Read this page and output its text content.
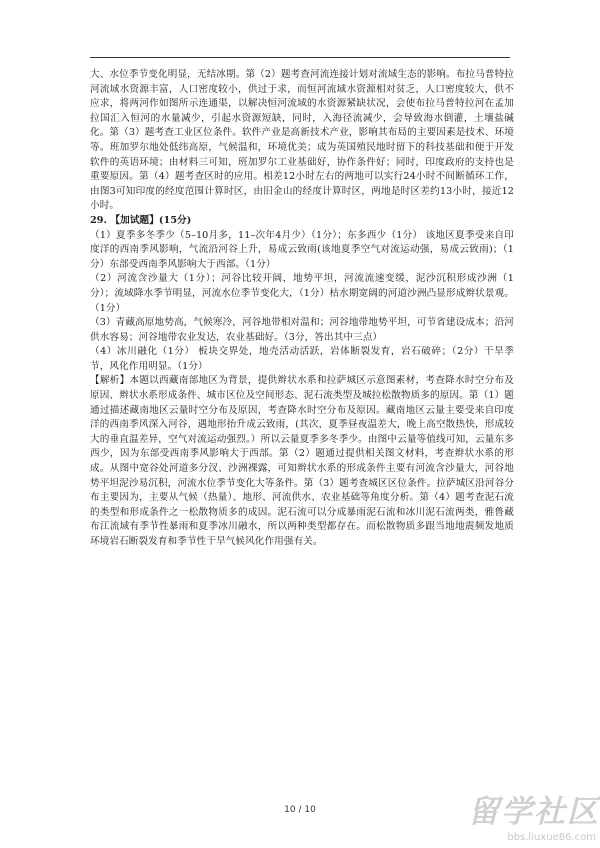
大、水位季节变化明显，无结冰期。第（2）题考查河流连接计划对流域生态的影响。布拉马普特拉河流域水资源丰富，人口密度较小，供过于求，而恒河流域水资源相对贫乏，人口密度较大，供不应求，将两河作如图所示连通渠，以解决恒河流域的水资源紧缺状况，会使布拉马普特拉河在孟加拉国汇入恒河的水量减少，引起水资源短缺，同时，入海径流减少，会导致海水倒灌，土壤盐碱化。第（3）题考查工业区位条件。软件产业是高新技术产业，影响其布局的主要因素是技术、环境等。班加罗尔地处低纬高原，气候温和，环境优美；成为英国殖民地时留下的科技基础和便于开发软件的英语环境；由材料三可知，班加罗尔工业基础好，协作条件好；同时，印度政府的支持也是重要原因。第（4）题考查区时的应用。相差12小时左右的两地可以实行24小时不间断循环工作，由图3可知印度的经度范围计算时区，由旧金山的经度计算时区，两地是时区差约13小时，接近12小时。

29. 【加试题】(15分)

（1）夏季多冬季少（5–10月多，11–次年4月少）（1分）；东多西少（1分） 该地区夏季受来自印度洋的西南季风影响，气流沿河谷上升，易成云致雨(该地夏季空气对流运动强，易成云致雨)；（1分）东部受西南季风影响大于西部。（1分）

（2）河流含沙量大（1分）；河谷比较开阔，地势平坦，河流流速变缓，泥沙沉积形成沙洲（1分）；流域降水季节明显，河流水位季节变化大，（1分）枯水期宽阔的河道沙洲凸显形成辫状景观。（1分）

（3）青藏高原地势高，气候寒冷，河谷地带相对温和；河谷地带地势平坦，可节省建设成本；沿河供水容易；河谷地带农业发达，农业基础好。（3分，答出其中三点）

（4）冰川融化（1分） 板块交界处，地壳活动活跃，岩体断裂发育，岩石破碎；（2分）干旱季节，风化作用明显。（1分）

【解析】本题以西藏南部地区为背景，提供辫状水系和拉萨城区示意图素材，考查降水时空分布及原因、辫状水系形成条件、城市区位及空间形态、泥石流类型及城拉松散物质多的原因。第（1）题通过描述藏南地区云量时空分布及原因，考查降水时空分布及原因。藏南地区云量主要受来自印度洋的西南季风深入河谷，遇地形抬升成云致雨，(其次，夏季昼夜温差大，晚上高空散热快，形成较大的垂直温差异，空气对流运动强烈。）所以云量夏季多冬季少。由图中云量等值线可知，云量东多西少，因为东部受西南季风影响大于西部。第（2）题通过提供相关图文材料，考查辫状水系的形成。从图中宽谷处河道多分汊、沙洲裸露，可知辫状水系的形成条件主要有河流含沙量大，河谷地势平坦泥沙易沉积，河流水位季节变化大等条件。第（3）题考查城区区位条件。拉萨城区沿河谷分布主要因为，主要从气候（热量）、地形、河流供水、农业基础等角度分析。第（4）题考查泥石流的类型和形成条件之一松散物质多的成因。泥石流可以分成暴雨泥石流和冰川泥石流两类，雅鲁藏布江流域有季节性暴雨和夏季冰川融水，所以两种类型都存在。而松散物质多跟当地地震频发地质环境岩石断裂发育和季节性干旱气候风化作用强有关。

10 / 10	留学社区
bbs.liuxue86.com
